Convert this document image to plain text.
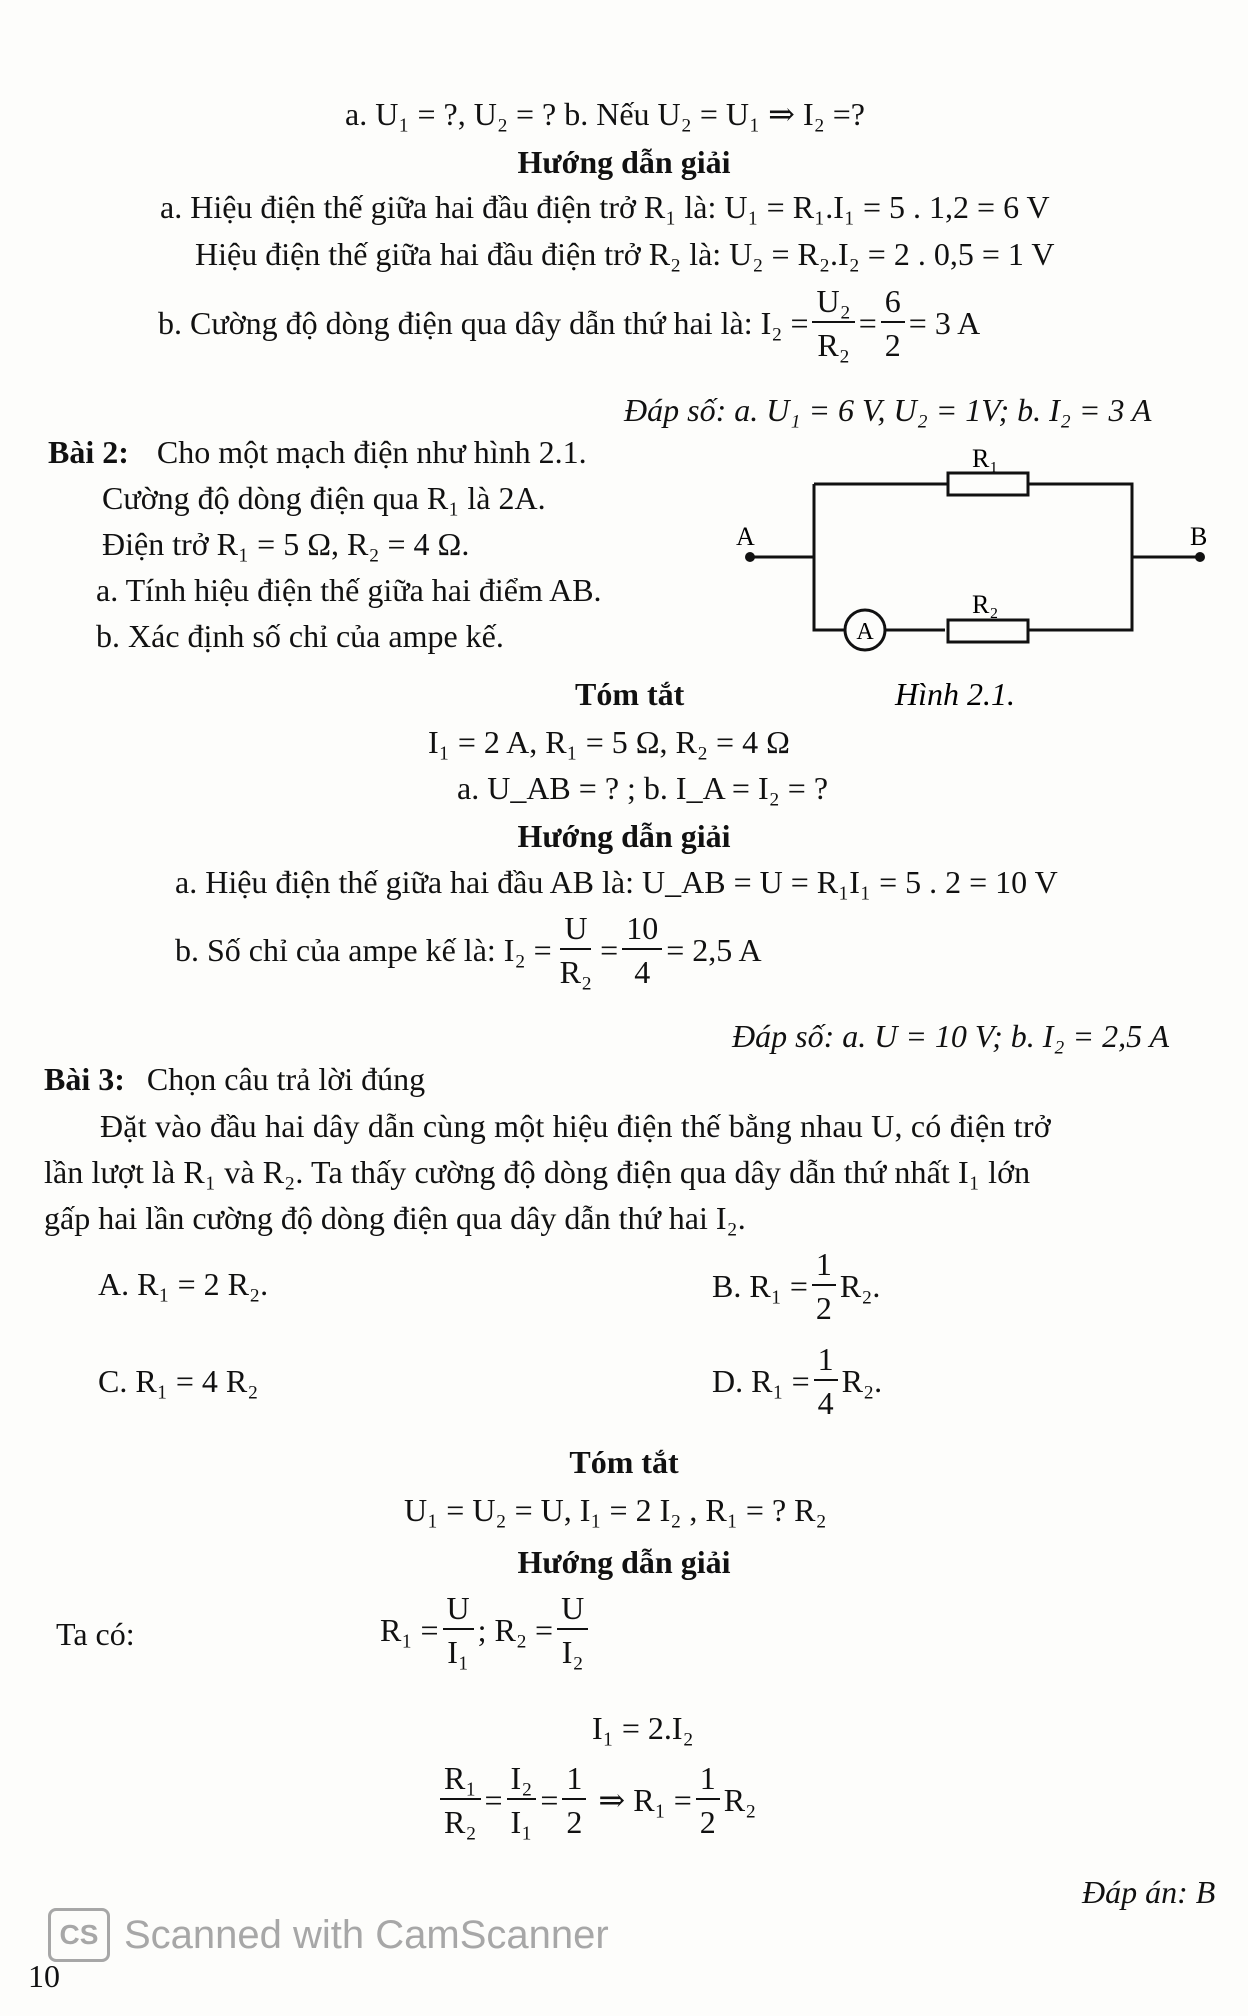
a. U₁ = ?, U₂ = ? b. Nếu U₂ = U₁ ⇒ I₂ =?
Hướng dẫn giải
a. Hiệu điện thế giữa hai đầu điện trở R₁ là: U₁ = R₁.I₁ = 5 . 1,2 = 6 V
Hiệu điện thế giữa hai đầu điện trở R₂ là: U₂ = R₂.I₂ = 2 . 0,5 = 1 V
b. Cường độ dòng điện qua dây dẫn thứ hai là: $I_2 = \frac{\text{U₂}}{\text{R₂}} = \frac{6}{2} = 3$ A
Đáp số: a. U₁ = 6 V, U₂ = 1V; b. I₂ = 3 A
Bài 2: Cho một mạch điện như hình 2.1.
Cường độ dòng điện qua R₁ là 2A.
Điện trở R₁ = 5 Ω, R₂ = 4 Ω.
a. Tính hiệu điện thế giữa hai điểm AB.
b. Xác định số chỉ của ampe kế.
R₁
R₂
A	B
A
Hình 2.1.
Tóm tắt
I₁ = 2 A, R₁ = 5 Ω, R₂ = 4 Ω
a. U_AB = ? ; b. I_A = I₂ = ?
Hướng dẫn giải
a. Hiệu điện thế giữa hai đầu AB là: U_AB = U = R₁I₁ = 5 . 2 = 10 V
b. Số chỉ của ampe kế là: $I_2 = \frac{U}{\text{R₂}} = \frac{10}{4} = 2,5$ A
Đáp số: a. U = 10 V; b. I₂ = 2,5 A
Bài 3: Chọn câu trả lời đúng
Đặt vào đầu hai dây dẫn cùng một hiệu điện thế bằng nhau U, có điện trở
lần lượt là R₁ và R₂. Ta thấy cường độ dòng điện qua dây dẫn thứ nhất I₁ lớn
gấp hai lần cường độ dòng điện qua dây dẫn thứ hai I₂.
A. R₁ = 2 R₂.	B. $R_1 = \frac{1}{2} R_2$.
C. R₁ = 4 R₂	D. $R_1 = \frac{1}{4} R_2$.
Tóm tắt
U₁ = U₂ = U, I₁ = 2 I₂ , R₁ = ? R₂
Hướng dẫn giải
Ta có:	$R_1 = \frac{U}{\text{I₁}}$ ; $R_2 = \frac{U}{\text{I₂}}$
I₁ = 2.I₂
$\frac{\text{R₁}}{\text{R₂}} = \frac{\text{I₂}}{\text{I₁}} = \frac{1}{2}$ ⇒ $R_1 = \frac{1}{2} R_2$
Đáp án: B
CS Scanned with CamScanner
10
